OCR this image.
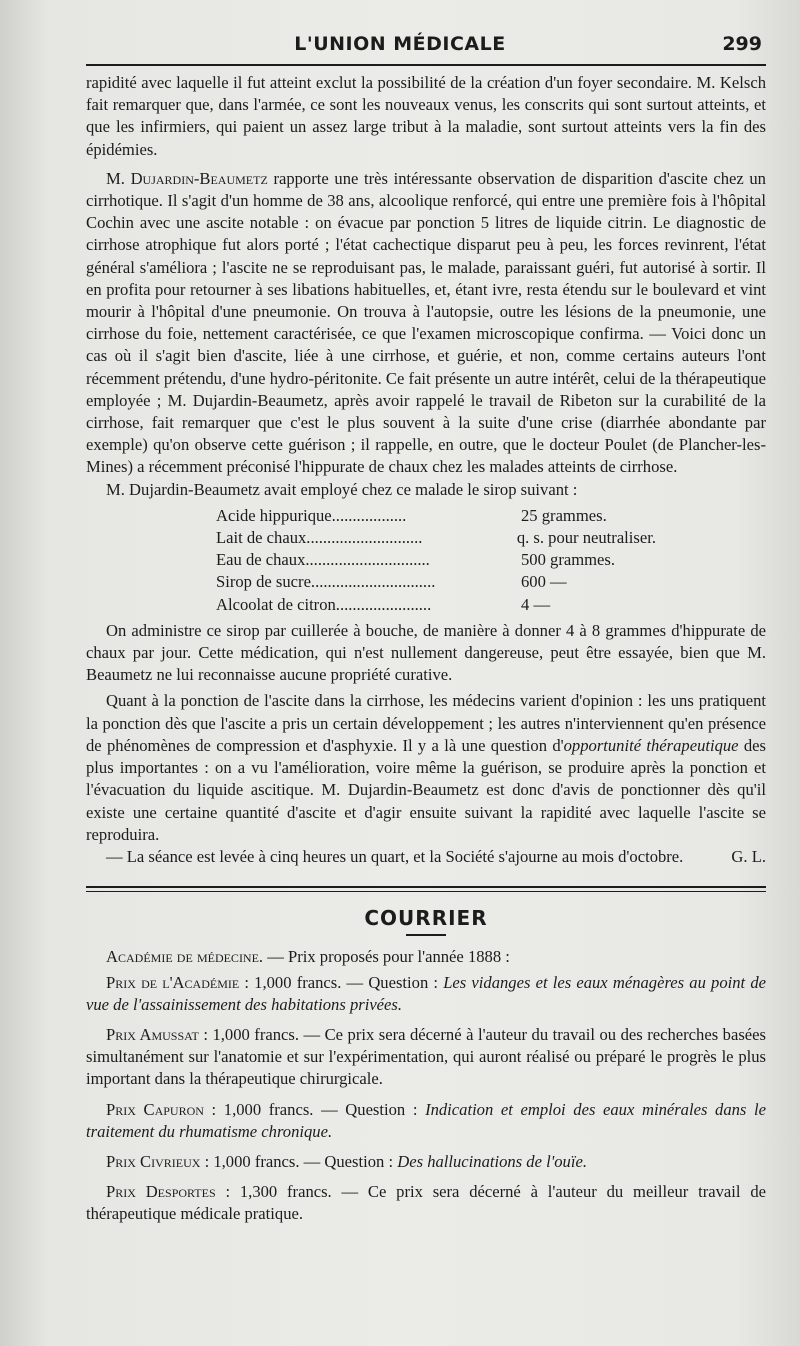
L'UNION MÉDICALE	299

rapidité avec laquelle il fut atteint exclut la possibilité de la création d'un foyer secondaire. M. Kelsch fait remarquer que, dans l'armée, ce sont les nouveaux venus, les conscrits qui sont surtout atteints, et que les infirmiers, qui paient un assez large tribut à la maladie, sont surtout atteints vers la fin des épidémies.

M. Dujardin-Beaumetz rapporte une très intéressante observation de disparition d'ascite chez un cirrhotique. Il s'agit d'un homme de 38 ans, alcoolique renforcé, qui entre une première fois à l'hôpital Cochin avec une ascite notable : on évacue par ponction 5 litres de liquide citrin. Le diagnostic de cirrhose atrophique fut alors porté ; l'état cachectique disparut peu à peu, les forces revinrent, l'état général s'améliora ; l'ascite ne se reproduisant pas, le malade, paraissant guéri, fut autorisé à sortir. Il en profita pour retourner à ses libations habituelles, et, étant ivre, resta étendu sur le boulevard et vint mourir à l'hôpital d'une pneumonie. On trouva à l'autopsie, outre les lésions de la pneumonie, une cirrhose du foie, nettement caractérisée, ce que l'examen microscopique confirma. — Voici donc un cas où il s'agit bien d'ascite, liée à une cirrhose, et guérie, et non, comme certains auteurs l'ont récemment prétendu, d'une hydro-péritonite. Ce fait présente un autre intérêt, celui de la thérapeutique employée ; M. Dujardin-Beaumetz, après avoir rappelé le travail de Ribeton sur la curabilité de la cirrhose, fait remarquer que c'est le plus souvent à la suite d'une crise (diarrhée abondante par exemple) qu'on observe cette guérison ; il rappelle, en outre, que le docteur Poulet (de Plancher-les-Mines) a récemment préconisé l'hippurate de chaux chez les malades atteints de cirrhose.

M. Dujardin-Beaumetz avait employé chez ce malade le sirop suivant :

Acide hippurique..................	25 grammes.
Lait de chaux............................	q. s. pour neutraliser.
Eau de chaux..............................	500 grammes.
Sirop de sucre..............................	600 —
Alcoolat de citron.......................	4 —

On administre ce sirop par cuillerée à bouche, de manière à donner 4 à 8 grammes d'hippurate de chaux par jour. Cette médication, qui n'est nullement dangereuse, peut être essayée, bien que M. Beaumetz ne lui reconnaisse aucune propriété curative.

Quant à la ponction de l'ascite dans la cirrhose, les médecins varient d'opinion : les uns pratiquent la ponction dès que l'ascite a pris un certain développement ; les autres n'interviennent qu'en présence de phénomènes de compression et d'asphyxie. Il y a là une question d'opportunité thérapeutique des plus importantes : on a vu l'amélioration, voire même la guérison, se produire après la ponction et l'évacuation du liquide ascitique. M. Dujardin-Beaumetz est donc d'avis de ponctionner dès qu'il existe une certaine quantité d'ascite et d'agir ensuite suivant la rapidité avec laquelle l'ascite se reproduira.

— La séance est levée à cinq heures un quart, et la Société s'ajourne au mois d'octobre.	G. L.
COURRIER

Académie de médecine. — Prix proposés pour l'année 1888 :

Prix de l'Académie : 1,000 francs. — Question : Les vidanges et les eaux ménagères au point de vue de l'assainissement des habitations privées.

Prix Amussat : 1,000 francs. — Ce prix sera décerné à l'auteur du travail ou des recherches basées simultanément sur l'anatomie et sur l'expérimentation, qui auront réalisé ou préparé le progrès le plus important dans la thérapeutique chirurgicale.

Prix Capuron : 1,000 francs. — Question : Indication et emploi des eaux minérales dans le traitement du rhumatisme chronique.

Prix Civrieux : 1,000 francs. — Question : Des hallucinations de l'ouïe.

Prix Desportes : 1,300 francs. — Ce prix sera décerné à l'auteur du meilleur travail de thérapeutique médicale pratique.
